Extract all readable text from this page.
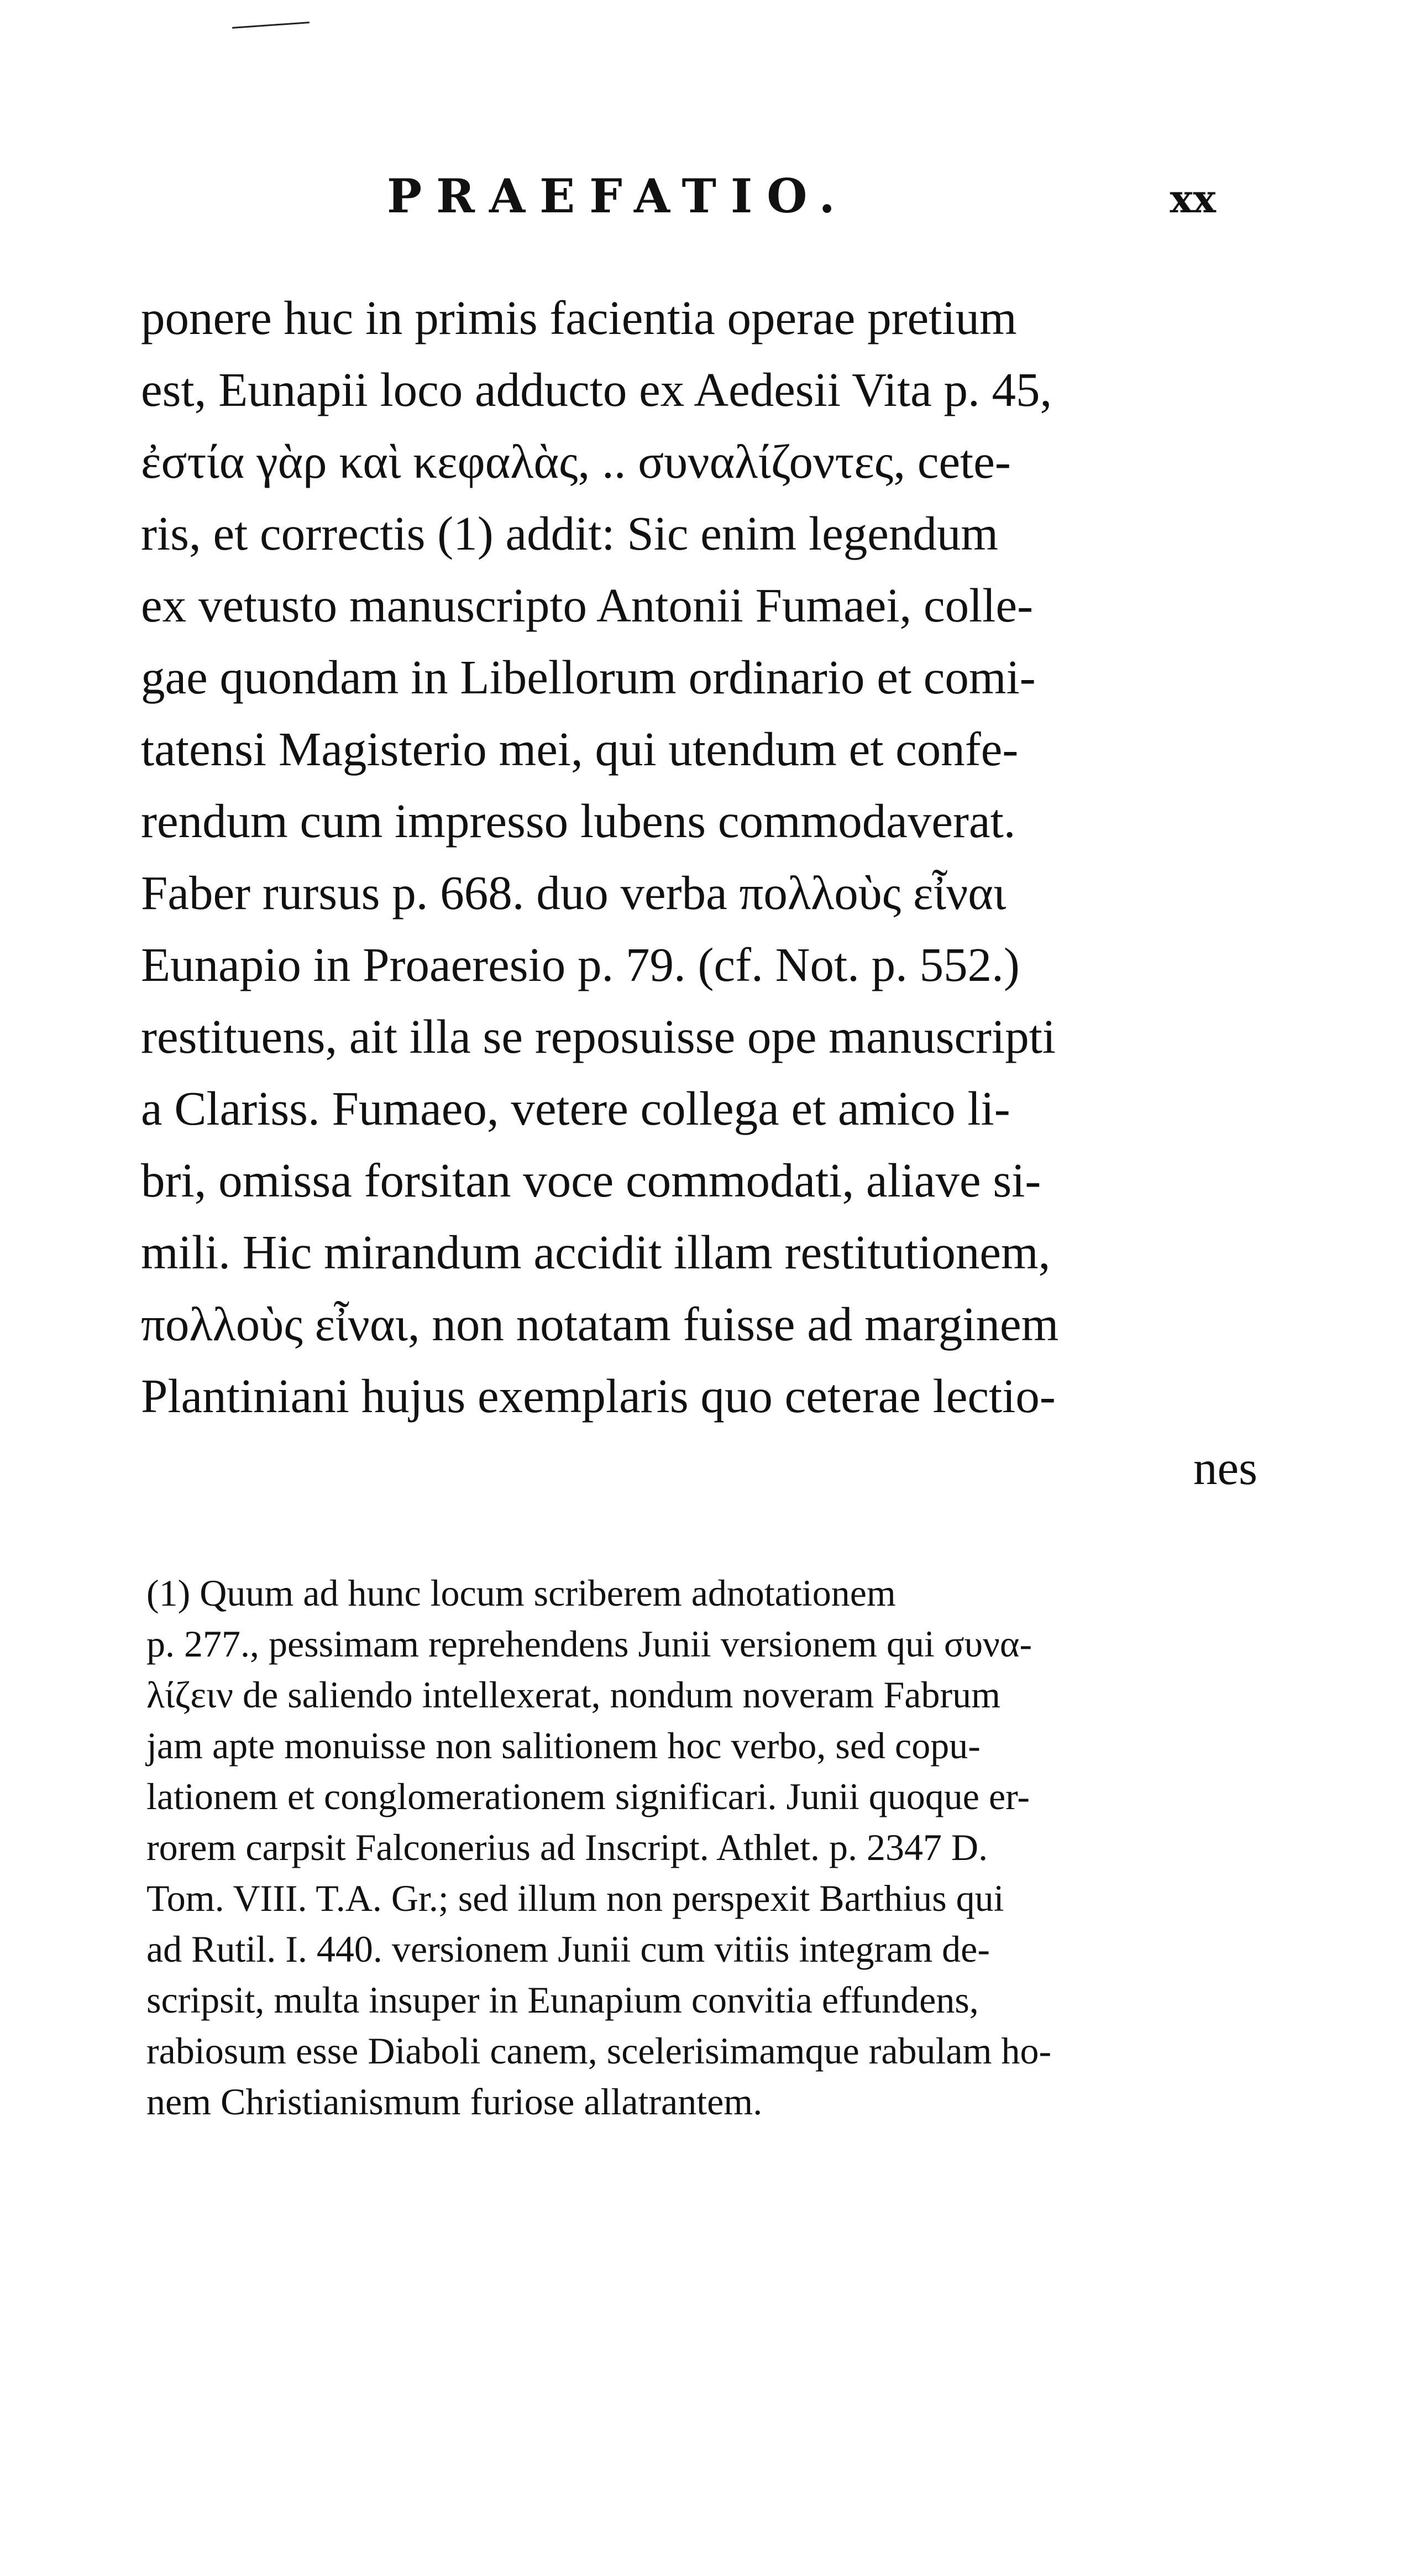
PRAEFATIO.	xx
ponere huc in primis facientia operae pretium
est, Eunapii loco adducto ex Aedesii Vita p. 45,
ἐστία γὰρ καὶ κεφαλὰς, .. συναλίζοντες, cete-
ris, et correctis (1) addit: Sic enim legendum
ex vetusto manuscripto Antonii Fumaei, colle-
gae quondam in Libellorum ordinario et comi-
tatensi Magisterio mei, qui utendum et confe-
rendum cum impresso lubens commodaverat.
Faber rursus p. 668. duo verba πολλοὺς εἶναι
Eunapio in Proaeresio p. 79. (cf. Not. p. 552.)
restituens, ait illa se reposuisse ope manuscripti
a Clariss. Fumaeo, vetere collega et amico li-
bri, omissa forsitan voce commodati, aliave si-
mili. Hic mirandum accidit illam restitutionem,
πολλοὺς εἶναι, non notatam fuisse ad marginem
Plantiniani hujus exemplaris quo ceterae lectio-
nes
(1) Quum ad hunc locum scriberem adnotationem
p. 277., pessimam reprehendens Junii versionem qui συνα-
λίζειν de saliendo intellexerat, nondum noveram Fabrum
jam apte monuisse non salitionem hoc verbo, sed copu-
lationem et conglomerationem significari. Junii quoque er-
rorem carpsit Falconerius ad Inscript. Athlet. p. 2347 D.
Tom. VIII. T.A. Gr.; sed illum non perspexit Barthius qui
ad Rutil. I. 440. versionem Junii cum vitiis integram de-
scripsit, multa insuper in Eunapium convitia effundens,
rabiosum esse Diaboli canem, scelerisimamque rabulam ho-
nem Christianismum furiose allatrantem.
